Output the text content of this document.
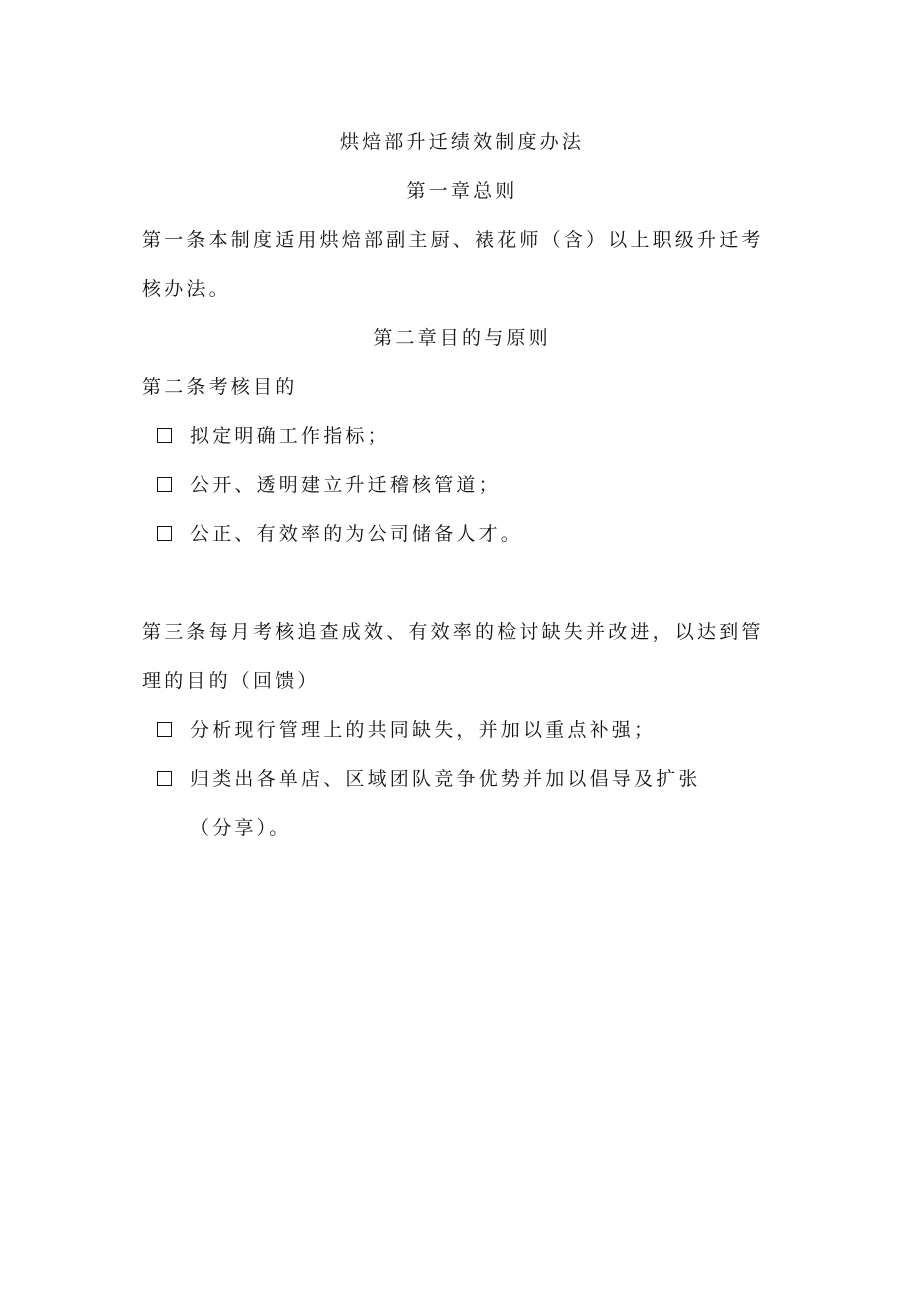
烘焙部升迁绩效制度办法

第一章总则

第一条本制度适用烘焙部副主厨、裱花师（含）以上职级升迁考核办法。

第二章目的与原则

第二条考核目的

拟定明确工作指标；
公开、透明建立升迁稽核管道；
公正、有效率的为公司储备人才。

第三条每月考核追查成效、有效率的检讨缺失并改进，以达到管理的目的（回馈）

分析现行管理上的共同缺失，并加以重点补强；
归类出各单店、区域团队竞争优势并加以倡导及扩张（分享）。
